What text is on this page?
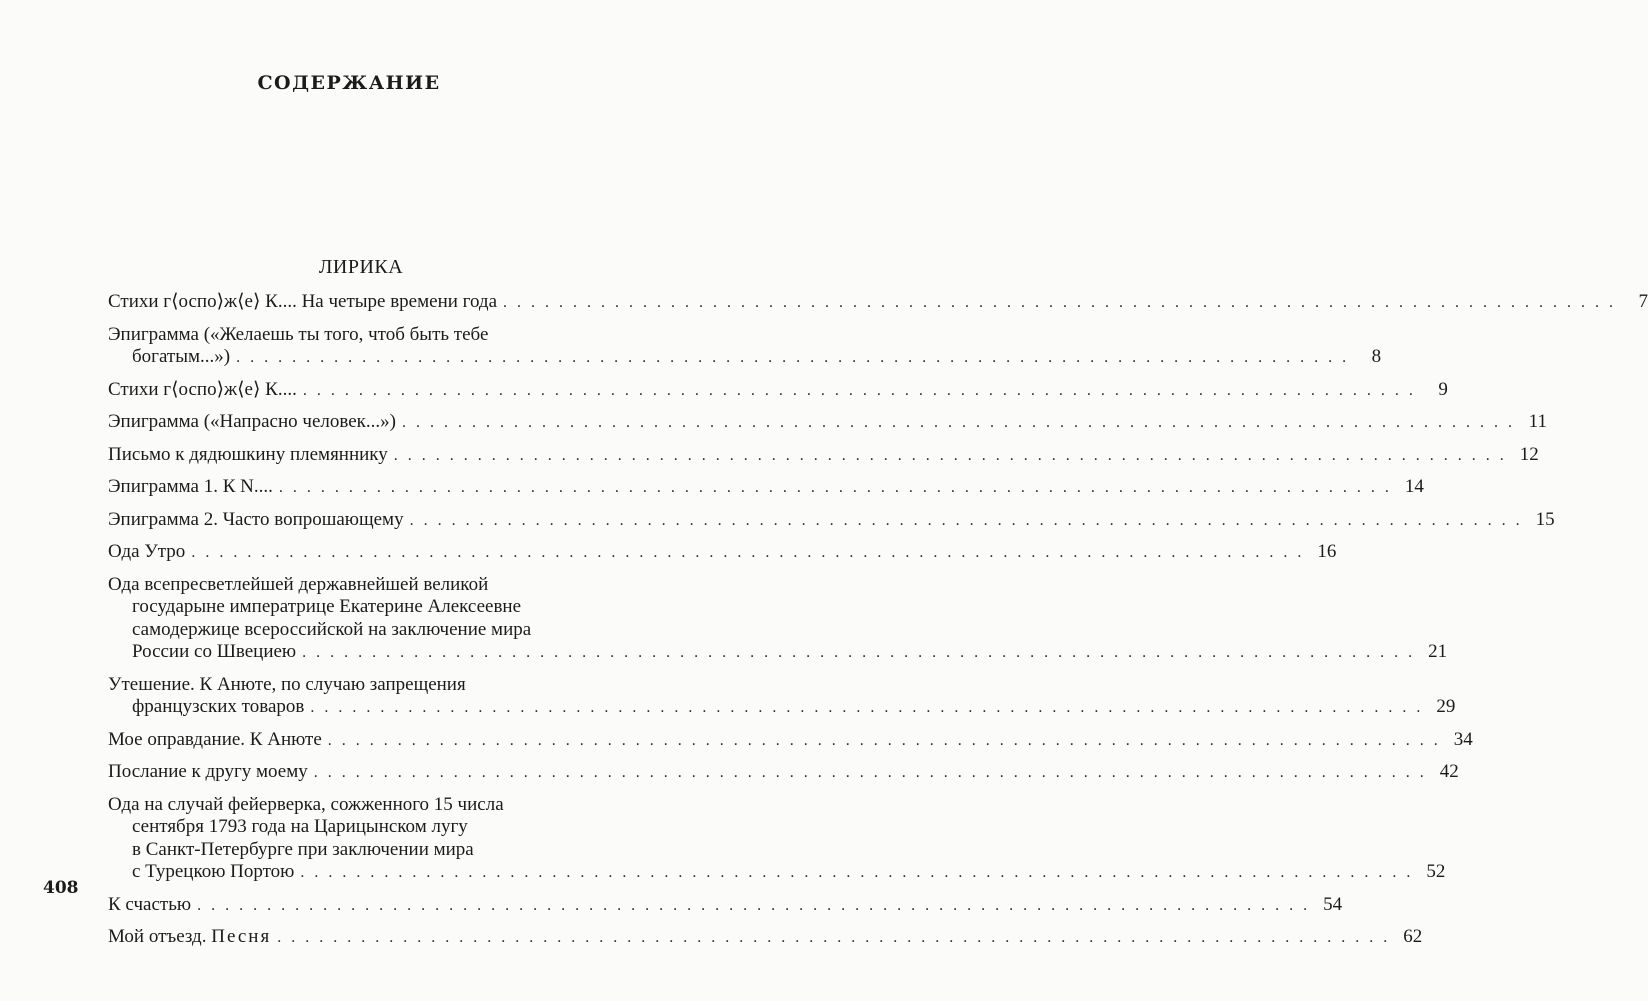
СОДЕРЖАНИЕ
ЛИРИКА
Стихи г⟨оспо⟩ж⟨е⟩ К.... На четыре времени года . . . . . . . . . . . . . . . . . . . . . . . . . . . . . . . . . . . . . . . . . . . . . . . . . . . . . . . . . . . . . . . . . . . . . . . . . . . . . . . .	7
Эпиграмма («Желаешь ты того, чтоб быть тебе
богатым...») . . . . . . . . . . . . . . . . . . . . . . . . . . . . . . . . . . . . . . . . . . . . . . . . . . . . . . . . . . . . . . . . . . . . . . . . . . . . . . . .	8
Стихи г⟨оспо⟩ж⟨е⟩ К.... . . . . . . . . . . . . . . . . . . . . . . . . . . . . . . . . . . . . . . . . . . . . . . . . . . . . . . . . . . . . . . . . . . . . . . . . . . . . . . . .	9
Эпиграмма («Напрасно человек...») . . . . . . . . . . . . . . . . . . . . . . . . . . . . . . . . . . . . . . . . . . . . . . . . . . . . . . . . . . . . . . . . . . . . . . . . . . . . . . . . 11
Письмо к дядюшкину племяннику . . . . . . . . . . . . . . . . . . . . . . . . . . . . . . . . . . . . . . . . . . . . . . . . . . . . . . . . . . . . . . . . . . . . . . . . . . . . . . . . 12
Эпиграмма 1. К N.... . . . . . . . . . . . . . . . . . . . . . . . . . . . . . . . . . . . . . . . . . . . . . . . . . . . . . . . . . . . . . . . . . . . . . . . . . . . . . . . . 14
Эпиграмма 2. Часто вопрошающему . . . . . . . . . . . . . . . . . . . . . . . . . . . . . . . . . . . . . . . . . . . . . . . . . . . . . . . . . . . . . . . . . . . . . . . . . . . . . . . . 15
Ода Утро . . . . . . . . . . . . . . . . . . . . . . . . . . . . . . . . . . . . . . . . . . . . . . . . . . . . . . . . . . . . . . . . . . . . . . . . . . . . . . . . 16
Ода всепресветлейшей державнейшей великой
государыне императрице Екатерине Алексеевне
самодержице всероссийской на заключение мира
России со Швециею . . . . . . . . . . . . . . . . . . . . . . . . . . . . . . . . . . . . . . . . . . . . . . . . . . . . . . . . . . . . . . . . . . . . . . . . . . . . . . . . 21
Утешение. К Анюте, по случаю запрещения
французских товаров . . . . . . . . . . . . . . . . . . . . . . . . . . . . . . . . . . . . . . . . . . . . . . . . . . . . . . . . . . . . . . . . . . . . . . . . . . . . . . . . 29
Мое оправдание. К Анюте . . . . . . . . . . . . . . . . . . . . . . . . . . . . . . . . . . . . . . . . . . . . . . . . . . . . . . . . . . . . . . . . . . . . . . . . . . . . . . . . 34
Послание к другу моему . . . . . . . . . . . . . . . . . . . . . . . . . . . . . . . . . . . . . . . . . . . . . . . . . . . . . . . . . . . . . . . . . . . . . . . . . . . . . . . . 42
Ода на случай фейерверка, сожженного 15 числа
сентября 1793 года на Царицынском лугу
в Санкт-Петербурге при заключении мира
с Турецкою Портою . . . . . . . . . . . . . . . . . . . . . . . . . . . . . . . . . . . . . . . . . . . . . . . . . . . . . . . . . . . . . . . . . . . . . . . . . . . . . . . . 52
К счастью . . . . . . . . . . . . . . . . . . . . . . . . . . . . . . . . . . . . . . . . . . . . . . . . . . . . . . . . . . . . . . . . . . . . . . . . . . . . . . . . 54
Мой отъезд. Песня . . . . . . . . . . . . . . . . . . . . . . . . . . . . . . . . . . . . . . . . . . . . . . . . . . . . . . . . . . . . . . . . . . . . . . . . . . . . . . . . 62
408
